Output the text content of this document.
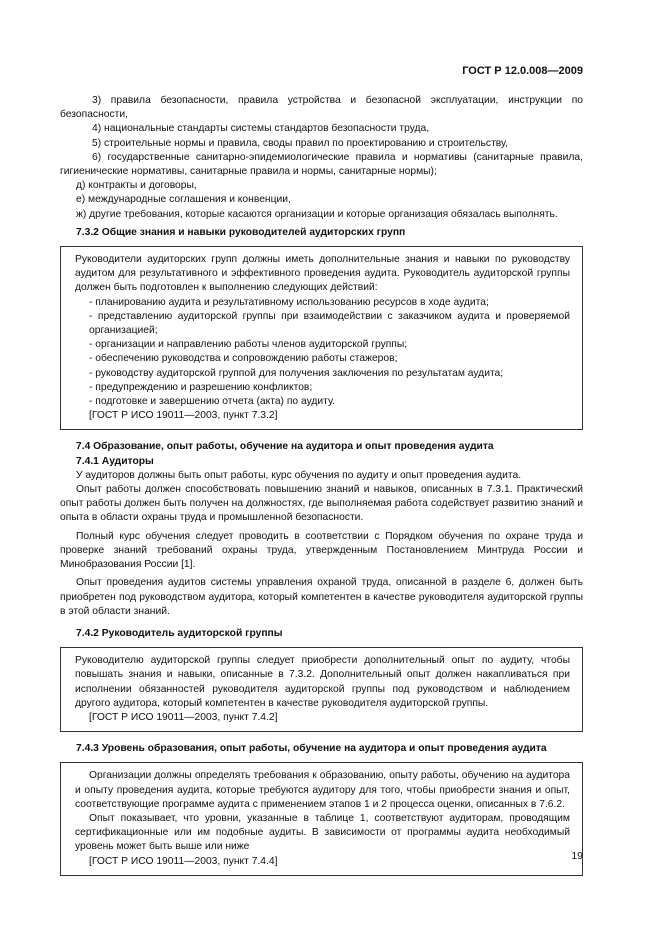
ГОСТ Р 12.0.008—2009

3) правила безопасности, правила устройства и безопасной эксплуатации, инструкции по безопасности,

4) национальные стандарты системы стандартов безопасности труда,

5) строительные нормы и правила, своды правил по проектированию и строительству,

6) государственные санитарно-эпидемиологические правила и нормативы (санитарные правила, гигиенические нормативы, санитарные правила и нормы, санитарные нормы);

д) контракты и договоры,

е) международные соглашения и конвенции,

ж) другие требования, которые касаются организации и которые организация обязалась выполнять.

7.3.2 Общие знания и навыки руководителей аудиторских групп

Руководители аудиторских групп должны иметь дополнительные знания и навыки по руководству аудитом для результативного и эффективного проведения аудита. Руководитель аудиторской группы должен быть подготовлен к выполнению следующих действий:

- планированию аудита и результативному использованию ресурсов в ходе аудита;

- представлению аудиторской группы при взаимодействии с заказчиком аудита и проверяемой организацией;

- организации и направлению работы членов аудиторской группы;

- обеспечению руководства и сопровождению работы стажеров;

- руководству аудиторской группой для получения заключения по результатам аудита;

- предупреждению и разрешению конфликтов;

- подготовке и завершению отчета (акта) по аудиту.

[ГОСТ Р ИСО 19011—2003, пункт 7.3.2]

7.4 Образование, опыт работы, обучение на аудитора и опыт проведения аудита

7.4.1 Аудиторы

У аудиторов должны быть опыт работы, курс обучения по аудиту и опыт проведения аудита.

Опыт работы должен способствовать повышению знаний и навыков, описанных в 7.3.1. Практический опыт работы должен быть получен на должностях, где выполняемая работа содействует развитию знаний и опыта в области охраны труда и промышленной безопасности.

Полный курс обучения следует проводить в соответствии с Порядком обучения по охране труда и проверке знаний требований охраны труда, утвержденным Постановлением Минтруда России и Минобразования России [1].

Опыт проведения аудитов системы управления охраной труда, описанной в разделе 6, должен быть приобретен под руководством аудитора, который компетентен в качестве руководителя аудиторской группы в этой области знаний.

7.4.2 Руководитель аудиторской группы

Руководителю аудиторской группы следует приобрести дополнительный опыт по аудиту, чтобы повышать знания и навыки, описанные в 7.3.2. Дополнительный опыт должен накапливаться при исполнении обязанностей руководителя аудиторской группы под руководством и наблюдением другого аудитора, который компетентен в качестве руководителя аудиторской группы.

[ГОСТ Р ИСО 19011—2003, пункт 7.4.2]

7.4.3 Уровень образования, опыт работы, обучение на аудитора и опыт проведения аудита

Организации должны определять требования к образованию, опыту работы, обучению на аудитора и опыту проведения аудита, которые требуются аудитору для того, чтобы приобрести знания и опыт, соответствующие программе аудита с применением этапов 1 и 2 процесса оценки, описанных в 7.6.2.

Опыт показывает, что уровни, указанные в таблице 1, соответствуют аудиторам, проводящим сертификационные или им подобные аудиты. В зависимости от программы аудита необходимый уровень может быть выше или ниже

[ГОСТ Р ИСО 19011—2003, пункт 7.4.4]	19
